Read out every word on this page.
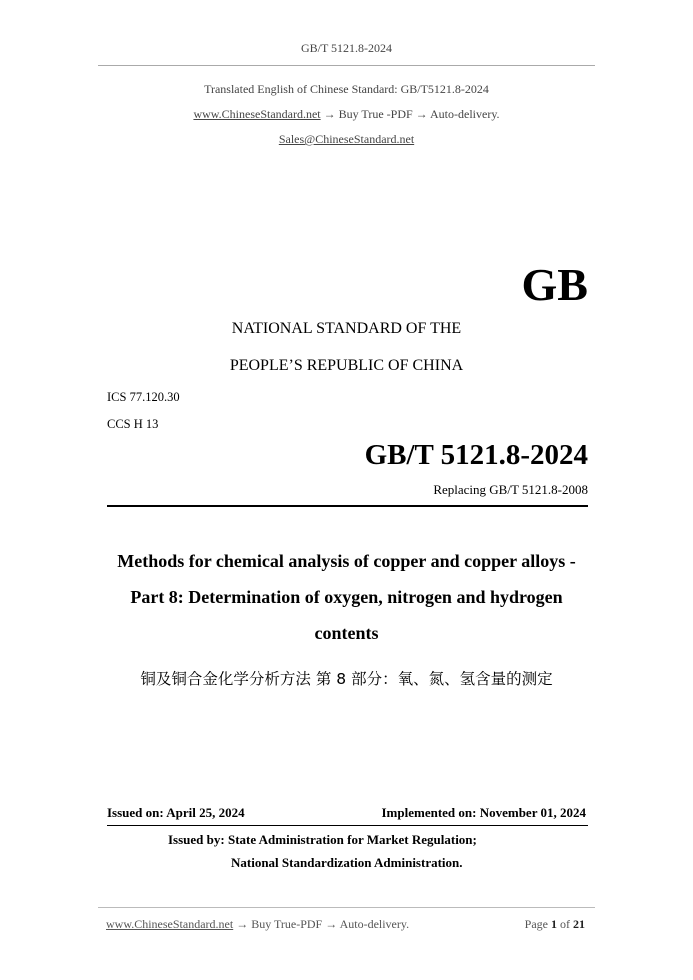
GB/T 5121.8-2024
Translated English of Chinese Standard: GB/T5121.8-2024
www.ChineseStandard.net → Buy True -PDF → Auto-delivery.
Sales@ChineseStandard.net
GB
NATIONAL STANDARD OF THE
PEOPLE’S REPUBLIC OF CHINA
ICS 77.120.30
CCS H 13
GB/T 5121.8-2024
Replacing GB/T 5121.8-2008
Methods for chemical analysis of copper and copper alloys -
Part 8: Determination of oxygen, nitrogen and hydrogen
contents
铜及铜合金化学分析方法 第 8 部分：氧、氮、氢含量的测定
Issued on: April 25, 2024	Implemented on: November 01, 2024
Issued by: State Administration for Market Regulation;
National Standardization Administration.
www.ChineseStandard.net → Buy True-PDF → Auto-delivery.	Page 1 of 21
